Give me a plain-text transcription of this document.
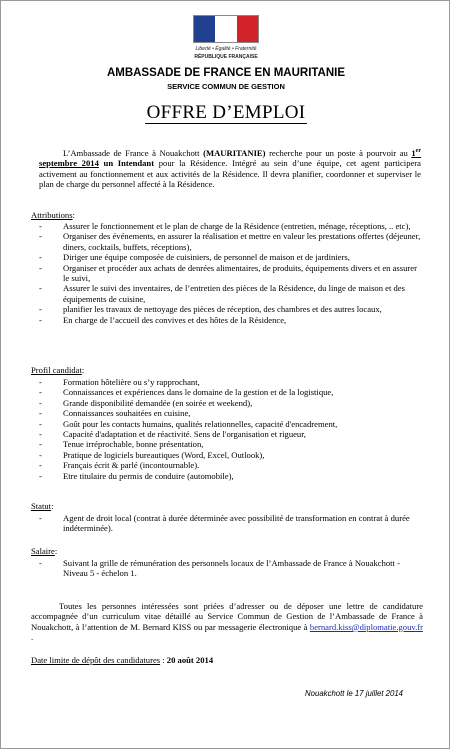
Liberté • Égalité • Fraternité
RÉPUBLIQUE FRANÇAISE
AMBASSADE DE FRANCE EN MAURITANIE
SERVICE COMMUN DE GESTION
OFFRE D’EMPLOI
L’Ambassade de France à Nouakchott (MAURITANIE) recherche pour un poste à pourvoir au 1er septembre 2014 un Intendant pour la Résidence. Intégré au sein d’une équipe, cet agent participera activement au fonctionnement et aux activités de la Résidence. Il devra planifier, coordonner et superviser le plan de charge du personnel affecté à la Résidence.
Attributions:
- Assurer le fonctionnement et le plan de charge de la Résidence (entretien, ménage, réceptions, .. etc),
- Organiser des événements, en assurer la réalisation et mettre en valeur les prestations offertes (déjeuner, diners, cocktails, buffets, réceptions),
- Diriger une équipe composée de cuisiniers, de personnel de maison et de jardiniers,
- Organiser et procéder aux achats de denrées alimentaires, de produits, équipements divers et en assurer le suivi,
- Assurer le suivi des inventaires, de l’entretien des pièces de la Résidence, du linge de maison et des équipements de cuisine,
- planifier les travaux de nettoyage des pièces de réception, des chambres et des autres locaux,
- En charge de l’accueil des convives et des hôtes de la Résidence,
Profil candidat:
- Formation hôtelière ou s’y rapprochant,
- Connaissances et expériences dans le domaine de la gestion et de la logistique,
- Grande disponibilité demandée (en soirée et weekend),
- Connaissances souhaitées en cuisine,
- Goût pour les contacts humains, qualités relationnelles, capacité d'encadrement,
- Capacité d'adaptation et de réactivité. Sens de l'organisation et rigueur,
- Tenue irréprochable, bonne présentation,
- Pratique de logiciels bureautiques (Word, Excel, Outlook),
- Français écrit & parlé (incontournable).
- Etre titulaire du permis de conduire (automobile),
Statut:
- Agent de droit local (contrat à durée déterminée avec possibilité de transformation en contrat à durée indéterminée).
Salaire:
- Suivant la grille de rémunération des personnels locaux de l’Ambassade de France à Nouakchott - Niveau 5 - échelon 1.
Toutes les personnes intéressées sont priées d’adresser ou de déposer une lettre de candidature accompagnée d’un curriculum vitae détaillé au Service Commun de Gestion de l’Ambassade de France à Nouakchott, à l’attention de M. Bernard KISS ou par messagerie électronique à bernard.kiss@diplomatie.gouv.fr .
Date limite de dépôt des candidatures : 20 août 2014
Nouakchott le 17 juillet 2014
